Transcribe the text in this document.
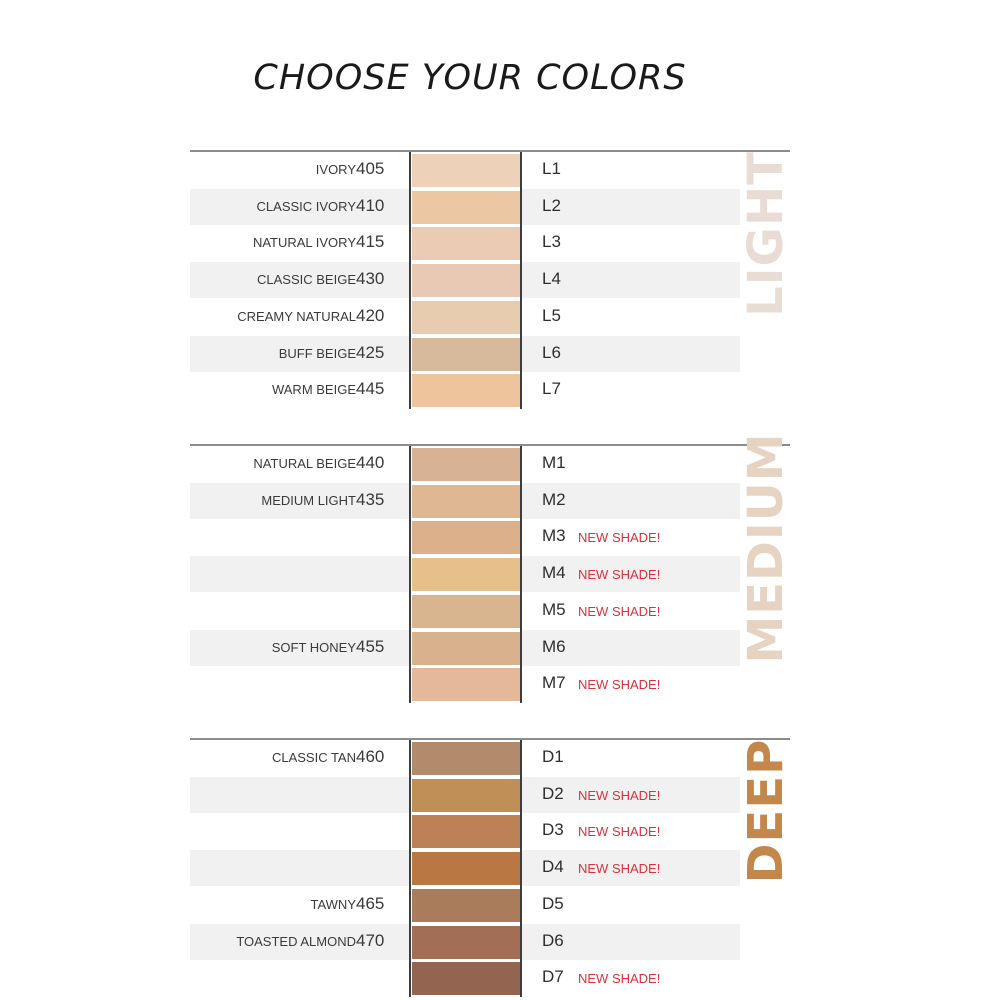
CHOOSE YOUR COLORS
IVORY 405	L1
CLASSIC IVORY 410	L2
NATURAL IVORY 415	L3
CLASSIC BEIGE 430	L4
CREAMY NATURAL 420	L5
BUFF BEIGE 425	L6
WARM BEIGE 445	L7
LIGHT
NATURAL BEIGE 440	M1
MEDIUM LIGHT 435	M2
M3 NEW SHADE!
M4 NEW SHADE!
M5 NEW SHADE!
SOFT HONEY 455	M6
M7 NEW SHADE!
MEDIUM
CLASSIC TAN 460	D1
D2 NEW SHADE!
D3 NEW SHADE!
D4 NEW SHADE!
TAWNY 465	D5
TOASTED ALMOND 470	D6
D7 NEW SHADE!
DEEP
